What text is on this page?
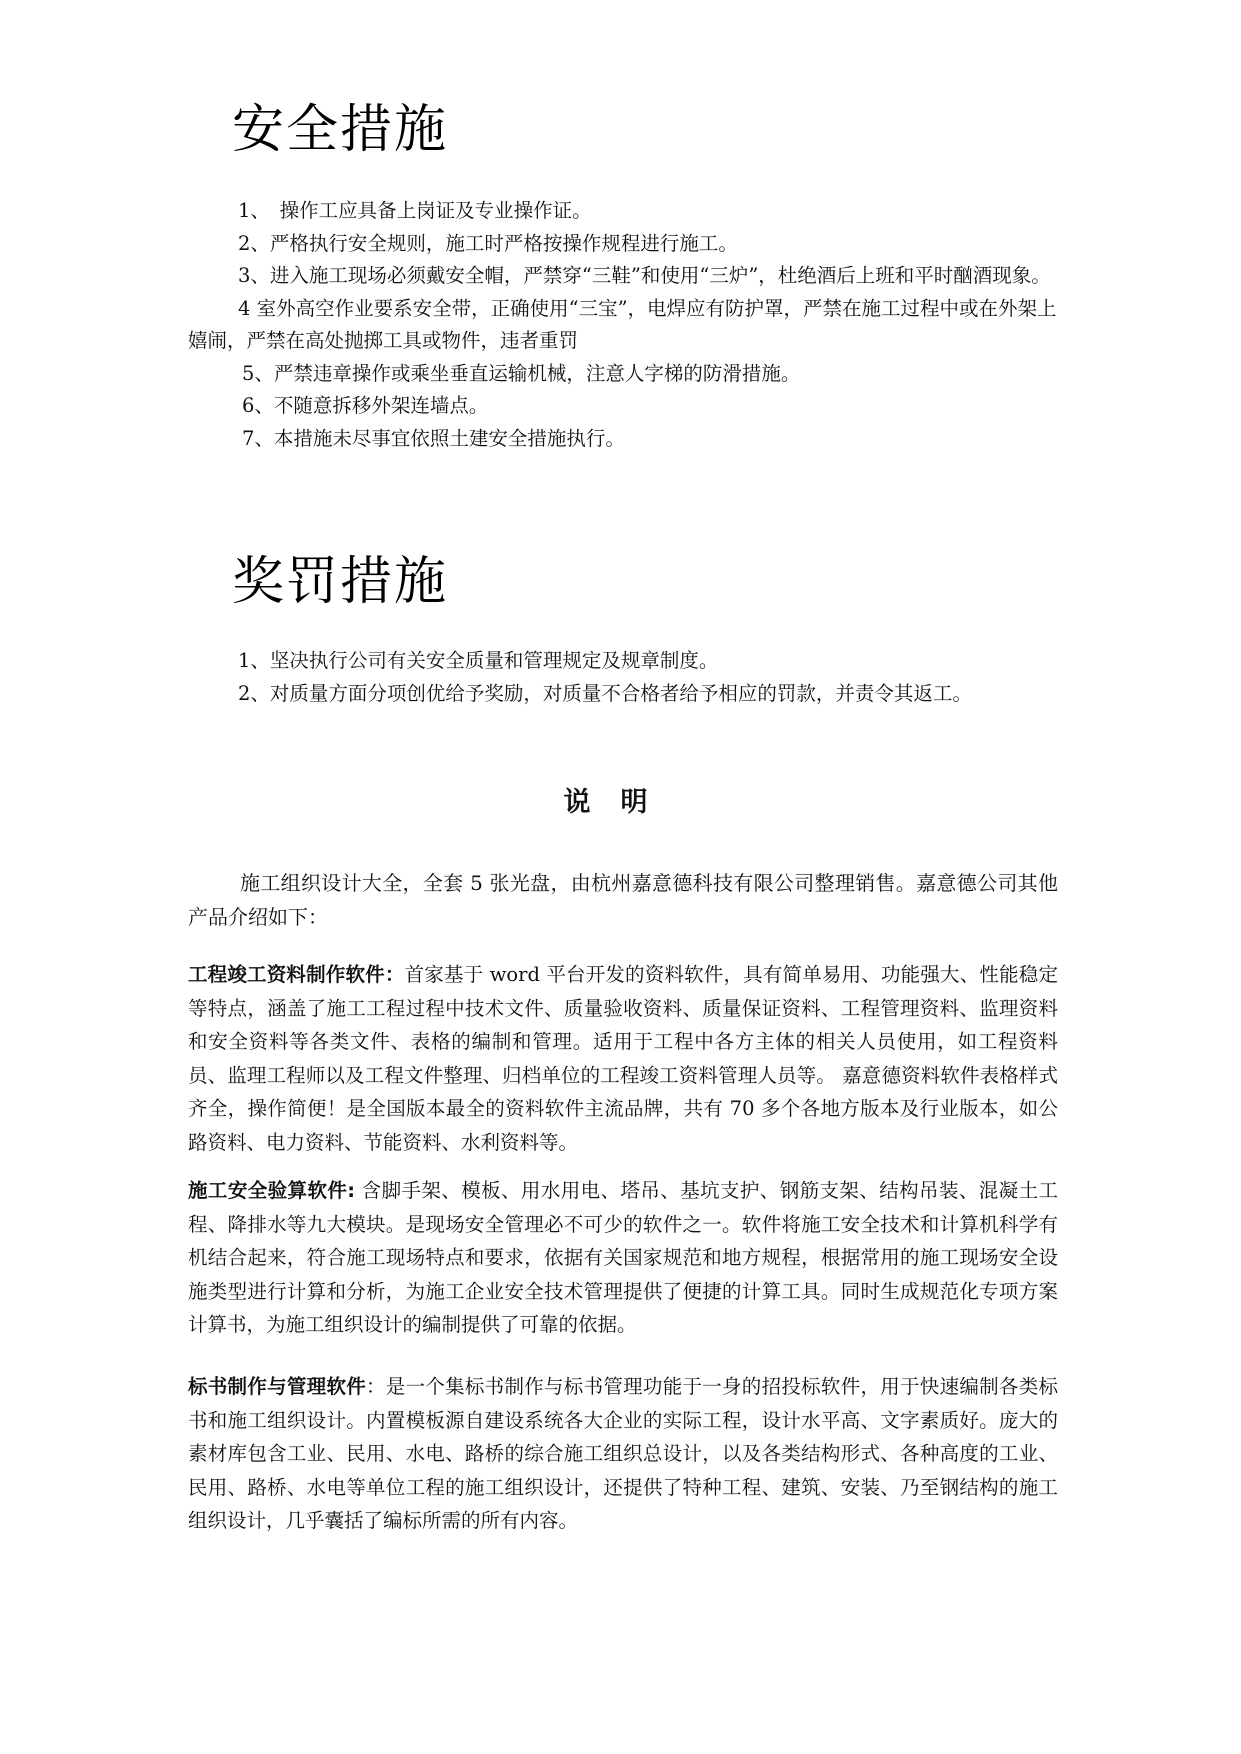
安全措施
1、　操作工应具备上岗证及专业操作证。
2、严格执行安全规则，施工时严格按操作规程进行施工。
3、进入施工现场必须戴安全帽，严禁穿“三鞋”和使用“三炉”，杜绝酒后上班和平时酗酒现象。
4 室外高空作业要系安全带，正确使用“三宝”，电焊应有防护罩，严禁在施工过程中或在外架上嬉闹，严禁在高处抛掷工具或物件，违者重罚
5、严禁违章操作或乘坐垂直运输机械，注意人字梯的防滑措施。
6、不随意拆移外架连墙点。
7、本措施未尽事宜依照土建安全措施执行。
奖罚措施
1、坚决执行公司有关安全质量和管理规定及规章制度。
2、对质量方面分项创优给予奖励，对质量不合格者给予相应的罚款，并责令其返工。
说明

施工组织设计大全，全套 5 张光盘，由杭州嘉意德科技有限公司整理销售。嘉意德公司其他产品介绍如下：

工程竣工资料制作软件：首家基于 word 平台开发的资料软件，具有简单易用、功能强大、性能稳定等特点，涵盖了施工工程过程中技术文件、质量验收资料、质量保证资料、工程管理资料、监理资料和安全资料等各类文件、表格的编制和管理。适用于工程中各方主体的相关人员使用，如工程资料员、监理工程师以及工程文件整理、归档单位的工程竣工资料管理人员等。 嘉意德资料软件表格样式齐全，操作简便！是全国版本最全的资料软件主流品牌，共有 70 多个各地方版本及行业版本，如公路资料、电力资料、节能资料、水利资料等。

施工安全验算软件: 含脚手架、模板、用水用电、塔吊、基坑支护、钢筋支架、结构吊装、混凝土工程、降排水等九大模块。是现场安全管理必不可少的软件之一。软件将施工安全技术和计算机科学有机结合起来，符合施工现场特点和要求，依据有关国家规范和地方规程，根据常用的施工现场安全设施类型进行计算和分析，为施工企业安全技术管理提供了便捷的计算工具。同时生成规范化专项方案计算书，为施工组织设计的编制提供了可靠的依据。

标书制作与管理软件：是一个集标书制作与标书管理功能于一身的招投标软件，用于快速编制各类标书和施工组织设计。内置模板源自建设系统各大企业的实际工程，设计水平高、文字素质好。庞大的素材库包含工业、民用、水电、路桥的综合施工组织总设计，以及各类结构形式、各种高度的工业、民用、路桥、水电等单位工程的施工组织设计，还提供了特种工程、建筑、安装、乃至钢结构的施工组织设计，几乎囊括了编标所需的所有内容。
